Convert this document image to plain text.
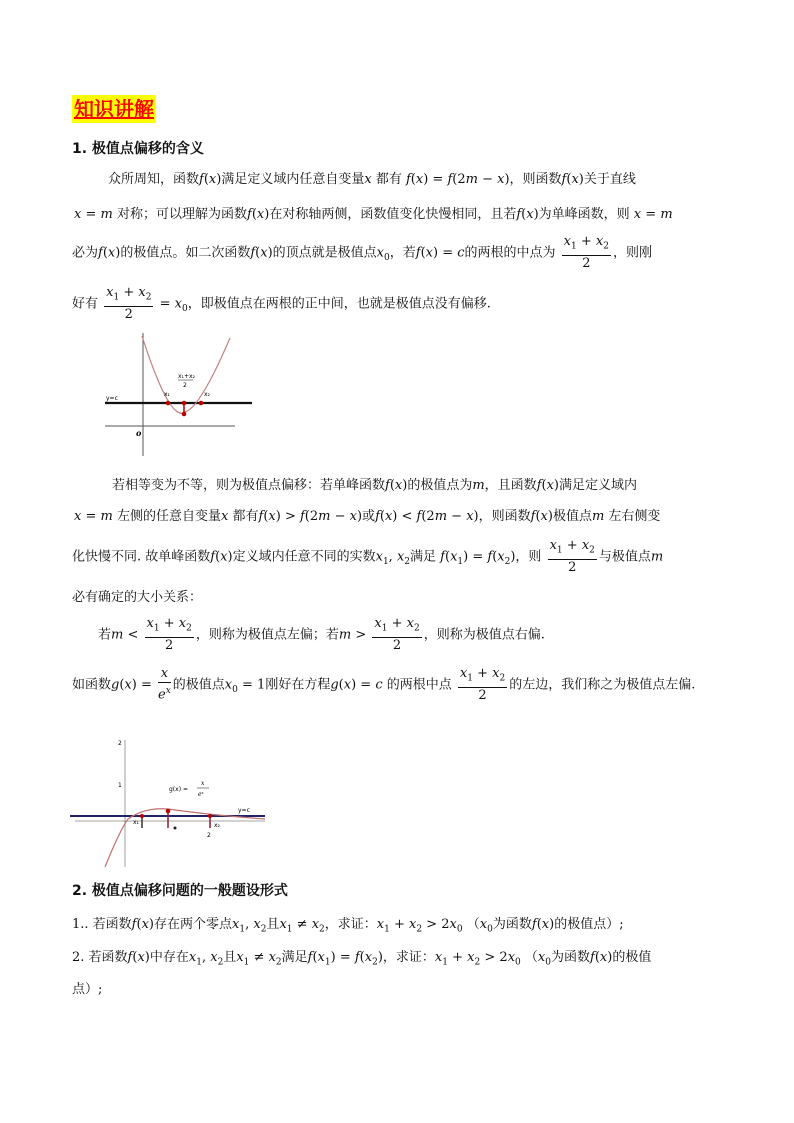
知识讲解
1. 极值点偏移的含义
众所周知，函数f(x)满足定义域内任意自变量x 都有 f(x) = f(2m − x)，则函数f(x)关于直线
x = m 对称；可以理解为函数f(x)在对称轴两侧，函数值变化快慢相同，且若f(x)为单峰函数，则 x = m
必为f(x)的极值点。如二次函数f(x)的顶点就是极值点$x_0$，若f(x) = c的两根的中点为 $\frac{x_1 + x_2}{2}$ ，则刚
好有 $\frac{x_1 + x_2}{2} = x_0$，即极值点在两根的正中间，也就是极值点没有偏移.
y=c
x₁	x₂
x₁+x₂
2
o
若相等变为不等，则为极值点偏移：若单峰函数f(x)的极值点为m，且函数f(x)满足定义域内
x = m 左侧的任意自变量x 都有f(x) > f(2m − x)或f(x) < f(2m − x)，则函数f(x)极值点m 左右侧变
化快慢不同. 故单峰函数f(x)定义域内任意不同的实数$x_1$, $x_2$满足 $f(x_1) = f(x_2)$，则 $\frac{x_1 + x_2}{2}$ 与极值点m
必有确定的大小关系：
若$m < \frac{x_1 + x_2}{2}$ ，则称为极值点左偏；若$m > \frac{x_1 + x_2}{2}$ ，则称为极值点右偏.
如函数$g(x) = \frac{x}{e^x}$ 的极值点$x_0 = 1$刚好在方程g(x) = c 的两根中点 $\frac{x_1 + x_2}{2}$ 的左边，我们称之为极值点左偏.
2
1
g(x) =
x
eˣ
y=c
x₁	x₂
2
2. 极值点偏移问题的一般题设形式
1.. 若函数f(x)存在两个零点$x_1$, $x_2$且$x_1 \ne x_2$，求证：$x_1 + x_2 > 2x_0$ （$x_0$为函数f(x)的极值点）;
2. 若函数f(x)中存在$x_1$, $x_2$且$x_1 \ne x_2$满足$f(x_1) = f(x_2)$，求证：$x_1 + x_2 > 2x_0$ （$x_0$为函数f(x)的极值
点）;
